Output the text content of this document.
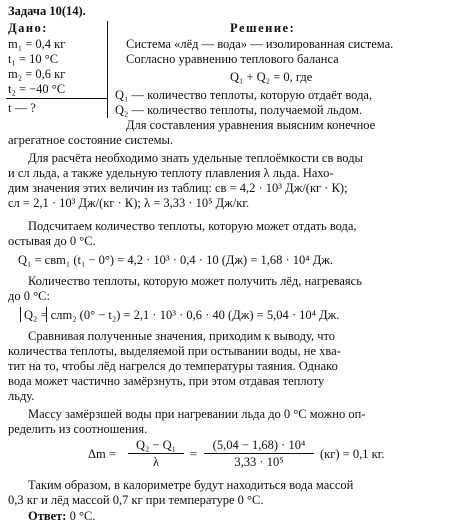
Задача 10(14).
Дано:
m₁ = 0,4 кг
t₁ = 10 °C
m₂ = 0,6 кг
t₂ = −40 °C
t — ?
Решение:
Система «лёд — вода» — изолированная система.
Согласно уравнению теплового баланса
Q₁ + Q₂ = 0, где
Q₁ — количество теплоты, которую отдаёт вода,
Q₂ — количество теплоты, получаемой льдом.
Для составления уравнения выясним конечное
агрегатное состояние системы.
Для расчёта необходимо знать удельные теплоёмкости cв воды
и cл льда, а также удельную теплоту плавления λ льда. Нахо-
дим значения этих величин из таблиц: cв = 4,2 · 10³ Дж/(кг · К);
cл = 2,1 · 10³ Дж/(кг · К); λ = 3,33 · 10⁵ Дж/кг.
Подсчитаем количество теплоты, которую может отдать вода,
остывая до 0 °C.
Q₁ = cвm₁ (t₁ − 0°) = 4,2 · 10³ · 0,4 · 10 (Дж) = 1,68 · 10⁴ Дж.
Количество теплоты, которую может получить лёд, нагреваясь
до 0 °C:
Q₂ = cлm₂ (0° − t₂) = 2,1 · 10³ · 0,6 · 40 (Дж) = 5,04 · 10⁴ Дж.
Сравнивая полученные значения, приходим к выводу, что
количества теплоты, выделяемой при остывании воды, не хва-
тит на то, чтобы лёд нагрелся до температуры таяния. Однако
вода может частично замёрзнуть, при этом отдавая теплоту
льду.
Массу замёрзшей воды при нагревании льда до 0 °C можно оп-
ределить из соотношения.
Δm =
Q₂ − Q₁
λ
=
(5,04 − 1,68) · 10⁴
3,33 · 10⁵
(кг) = 0,1 кг.
Таким образом, в калориметре будут находиться вода массой
0,3 кг и лёд массой 0,7 кг при температуре 0 °C.
Ответ: 0 °C.
